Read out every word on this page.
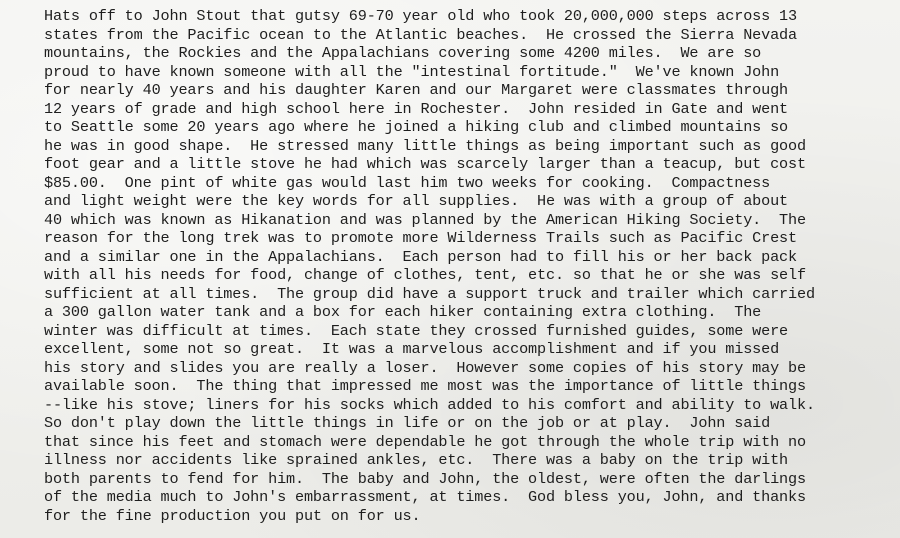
Hats off to John Stout that gutsy 69-70 year old who took 20,000,000 steps across 13
states from the Pacific ocean to the Atlantic beaches.  He crossed the Sierra Nevada
mountains, the Rockies and the Appalachians covering some 4200 miles.  We are so
proud to have known someone with all the "intestinal fortitude."  We've known John
for nearly 40 years and his daughter Karen and our Margaret were classmates through
12 years of grade and high school here in Rochester.  John resided in Gate and went
to Seattle some 20 years ago where he joined a hiking club and climbed mountains so
he was in good shape.  He stressed many little things as being important such as good
foot gear and a little stove he had which was scarcely larger than a teacup, but cost
$85.00.  One pint of white gas would last him two weeks for cooking.  Compactness
and light weight were the key words for all supplies.  He was with a group of about
40 which was known as Hikanation and was planned by the American Hiking Society.  The
reason for the long trek was to promote more Wilderness Trails such as Pacific Crest
and a similar one in the Appalachians.  Each person had to fill his or her back pack
with all his needs for food, change of clothes, tent, etc. so that he or she was self
sufficient at all times.  The group did have a support truck and trailer which carried
a 300 gallon water tank and a box for each hiker containing extra clothing.  The
winter was difficult at times.  Each state they crossed furnished guides, some were
excellent, some not so great.  It was a marvelous accomplishment and if you missed
his story and slides you are really a loser.  However some copies of his story may be
available soon.  The thing that impressed me most was the importance of little things
--like his stove; liners for his socks which added to his comfort and ability to walk.
So don't play down the little things in life or on the job or at play.  John said
that since his feet and stomach were dependable he got through the whole trip with no
illness nor accidents like sprained ankles, etc.  There was a baby on the trip with
both parents to fend for him.  The baby and John, the oldest, were often the darlings
of the media much to John's embarrassment, at times.  God bless you, John, and thanks
for the fine production you put on for us.
